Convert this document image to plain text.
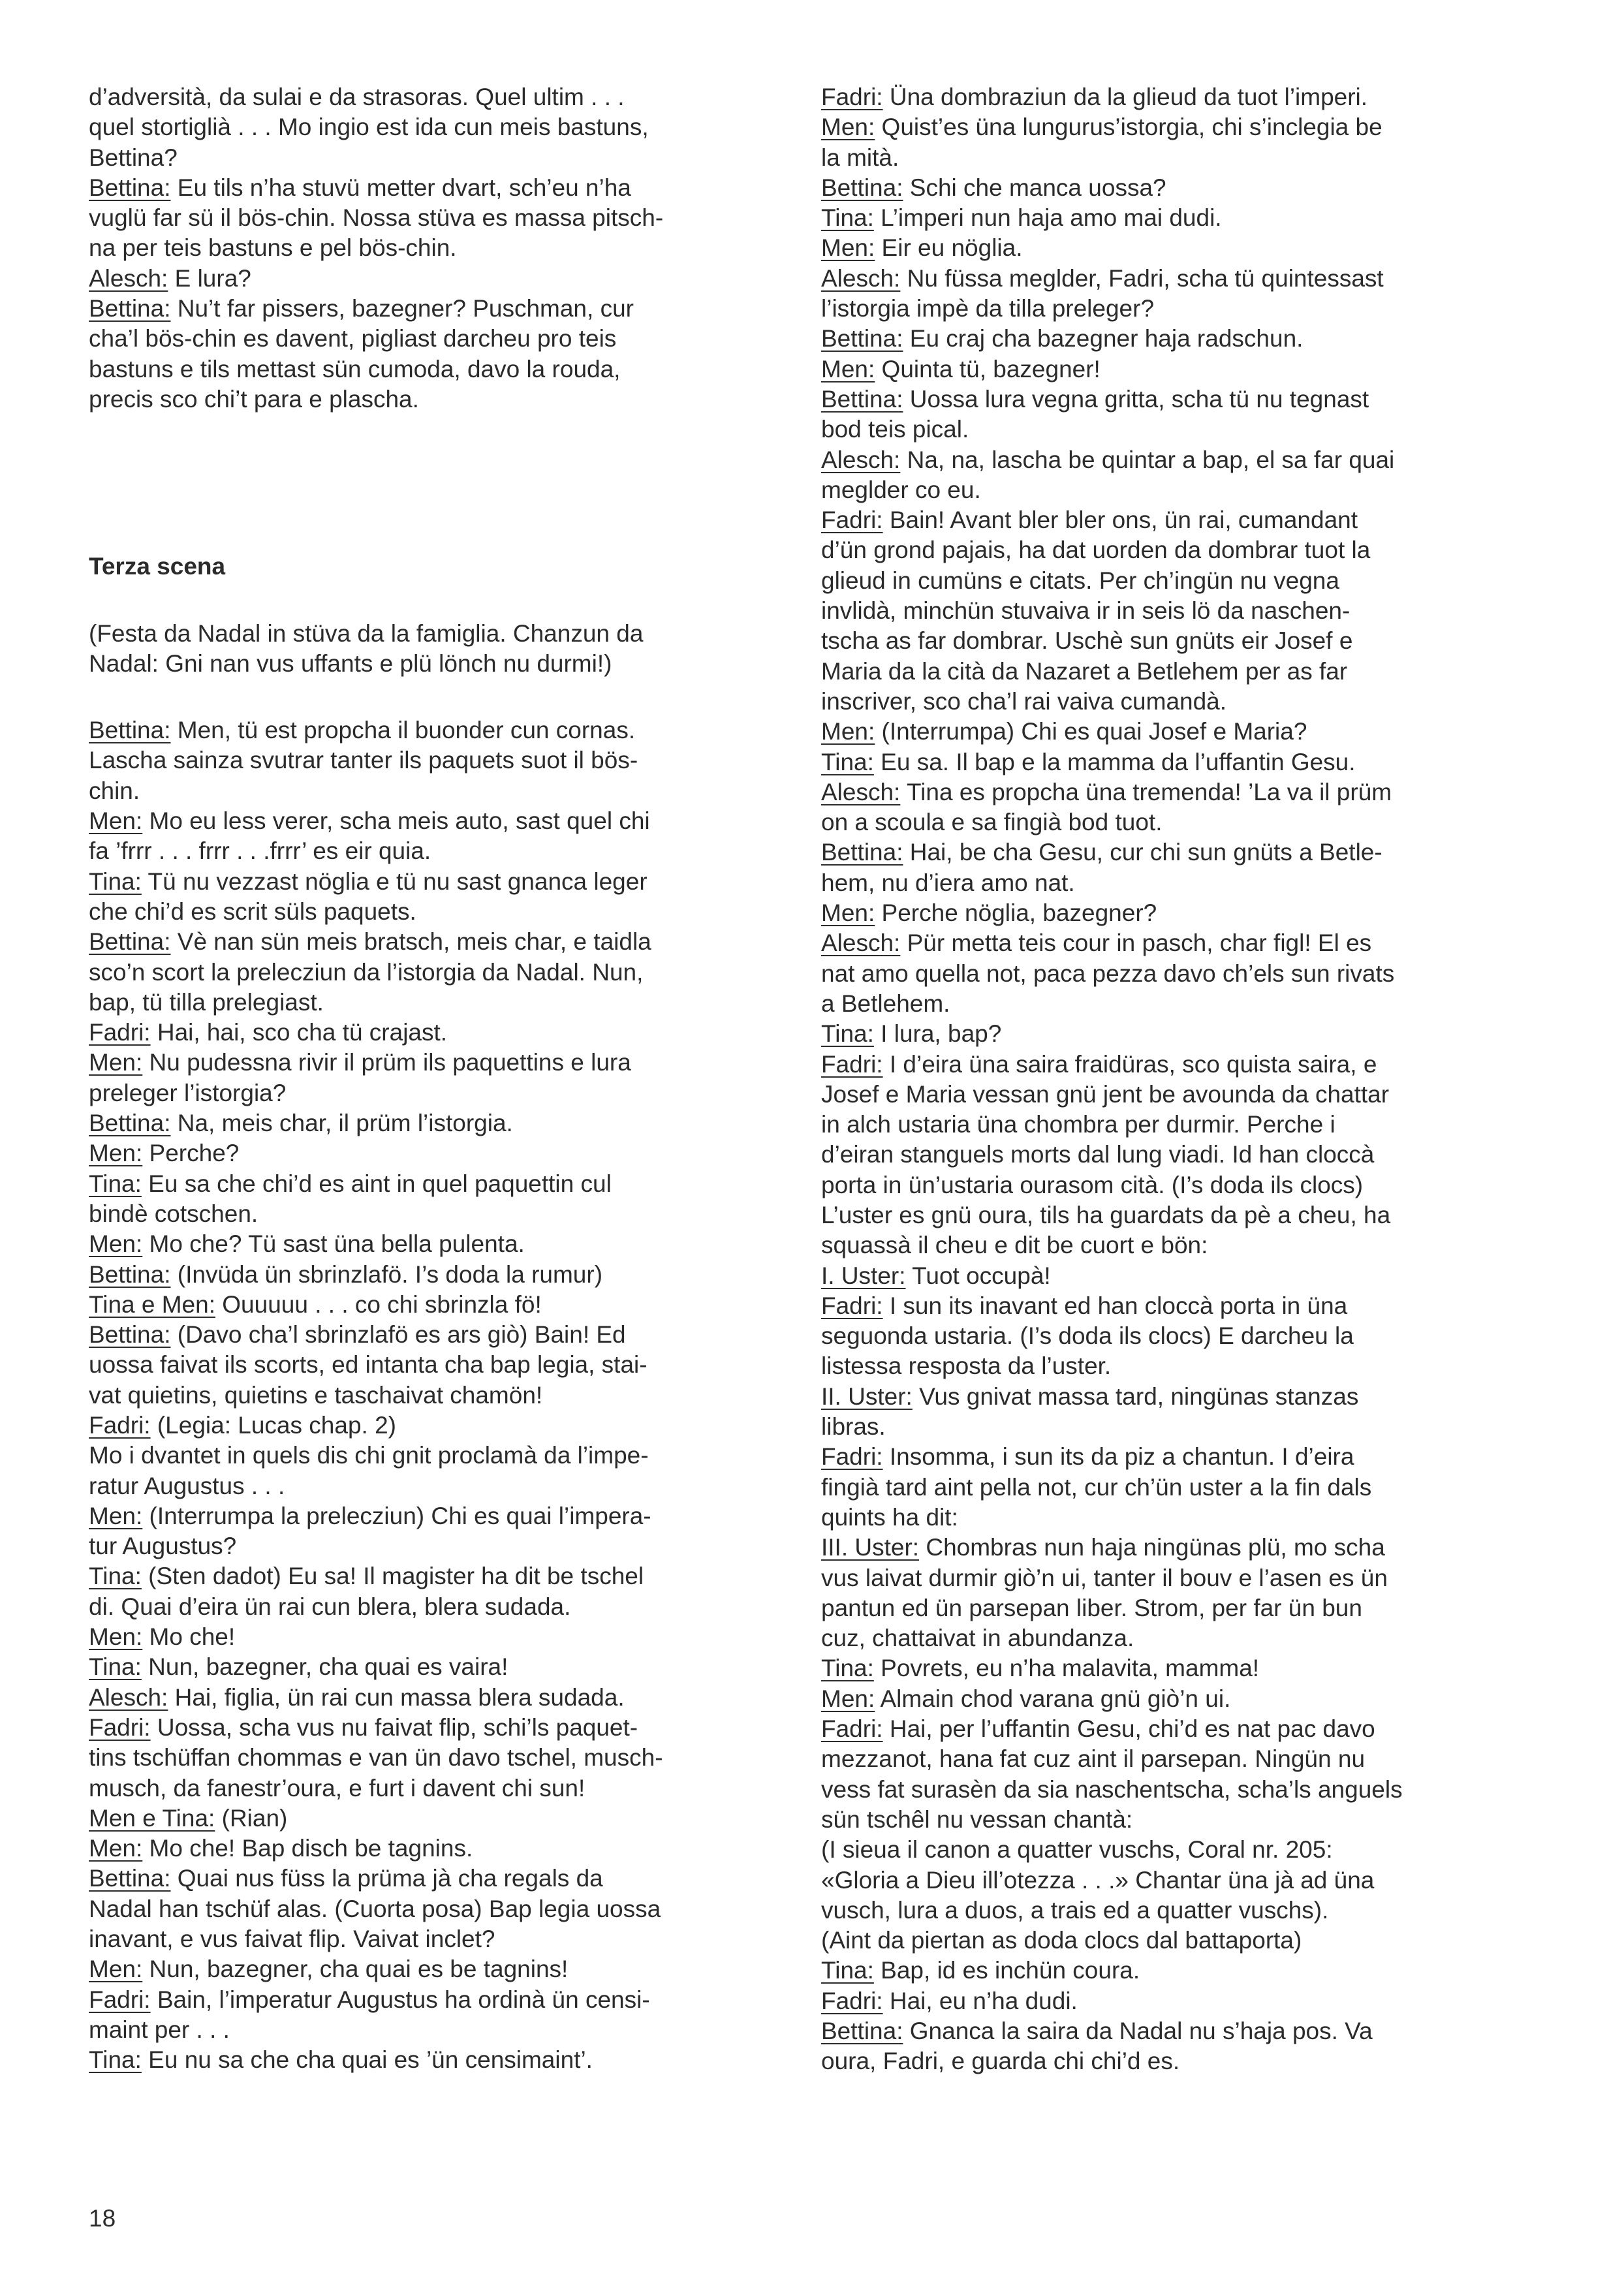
d’adversità, da sulai e da strasoras. Quel ultim . . .

quel stortiglià . . . Mo ingio est ida cun meis bastuns,

Bettina?

Bettina: Eu tils n’ha stuvü metter dvart, sch’eu n’ha

vuglü far sü il bös-chin. Nossa stüva es massa pitsch-

na per teis bastuns e pel bös-chin.

Alesch: E lura?

Bettina: Nu’t far pissers, bazegner? Puschman, cur

cha’l bös-chin es davent, pigliast darcheu pro teis

bastuns e tils mettast sün cumoda, davo la rouda,

precis sco chi’t para e plascha.

Terza scena

(Festa da Nadal in stüva da la famiglia. Chanzun da

Nadal: Gni nan vus uffants e plü lönch nu durmi!)

Bettina: Men, tü est propcha il buonder cun cornas.

Lascha sainza svutrar tanter ils paquets suot il bös-

chin.

Men: Mo eu less verer, scha meis auto, sast quel chi

fa ’frrr . . . frrr . . .frrr’ es eir quia.

Tina: Tü nu vezzast nöglia e tü nu sast gnanca leger

che chi’d es scrit süls paquets.

Bettina: Vè nan sün meis bratsch, meis char, e taidla

sco’n scort la prelecziun da l’istorgia da Nadal. Nun,

bap, tü tilla prelegiast.

Fadri: Hai, hai, sco cha tü crajast.

Men: Nu pudessna rivir il prüm ils paquettins e lura

preleger l’istorgia?

Bettina: Na, meis char, il prüm l’istorgia.

Men: Perche?

Tina: Eu sa che chi’d es aint in quel paquettin cul

bindè cotschen.

Men: Mo che? Tü sast üna bella pulenta.

Bettina: (Invüda ün sbrinzlafö. I’s doda la rumur)

Tina e Men: Ouuuuu . . . co chi sbrinzla fö!

Bettina: (Davo cha’l sbrinzlafö es ars giò) Bain! Ed

uossa faivat ils scorts, ed intanta cha bap legia, stai-

vat quietins, quietins e taschaivat chamön!

Fadri: (Legia: Lucas chap. 2)

Mo i dvantet in quels dis chi gnit proclamà da l’impe-

ratur Augustus . . .

Men: (Interrumpa la prelecziun) Chi es quai l’impera-

tur Augustus?

Tina: (Sten dadot) Eu sa! Il magister ha dit be tschel

di. Quai d’eira ün rai cun blera, blera sudada.

Men: Mo che!

Tina: Nun, bazegner, cha quai es vaira!

Alesch: Hai, figlia, ün rai cun massa blera sudada.

Fadri: Uossa, scha vus nu faivat flip, schi’ls paquet-

tins tschüffan chommas e van ün davo tschel, musch-

musch, da fanestr’oura, e furt i davent chi sun!

Men e Tina: (Rian)

Men: Mo che! Bap disch be tagnins.

Bettina: Quai nus füss la prüma jà cha regals da

Nadal han tschüf alas. (Cuorta posa) Bap legia uossa

inavant, e vus faivat flip. Vaivat inclet?

Men: Nun, bazegner, cha quai es be tagnins!

Fadri: Bain, l’imperatur Augustus ha ordinà ün censi-

maint per . . .

Tina: Eu nu sa che cha quai es ’ün censimaint’.

Fadri: Üna dombraziun da la glieud da tuot l’imperi.

Men: Quist’es üna lungurus’istorgia, chi s’inclegia be

la mità.

Bettina: Schi che manca uossa?

Tina: L’imperi nun haja amo mai dudi.

Men: Eir eu nöglia.

Alesch: Nu füssa meglder, Fadri, scha tü quintessast

l’istorgia impè da tilla preleger?

Bettina: Eu craj cha bazegner haja radschun.

Men: Quinta tü, bazegner!

Bettina: Uossa lura vegna gritta, scha tü nu tegnast

bod teis pical.

Alesch: Na, na, lascha be quintar a bap, el sa far quai

meglder co eu.

Fadri: Bain! Avant bler bler ons, ün rai, cumandant

d’ün grond pajais, ha dat uorden da dombrar tuot la

glieud in cumüns e citats. Per ch’ingün nu vegna

invlidà, minchün stuvaiva ir in seis lö da naschen-

tscha as far dombrar. Uschè sun gnüts eir Josef e

Maria da la cità da Nazaret a Betlehem per as far

inscriver, sco cha’l rai vaiva cumandà.

Men: (Interrumpa) Chi es quai Josef e Maria?

Tina: Eu sa. Il bap e la mamma da l’uffantin Gesu.

Alesch: Tina es propcha üna tremenda! ’La va il prüm

on a scoula e sa fingià bod tuot.

Bettina: Hai, be cha Gesu, cur chi sun gnüts a Betle-

hem, nu d’iera amo nat.

Men: Perche nöglia, bazegner?

Alesch: Pür metta teis cour in pasch, char figl! El es

nat amo quella not, paca pezza davo ch’els sun rivats

a Betlehem.

Tina: I lura, bap?

Fadri: I d’eira üna saira fraidüras, sco quista saira, e

Josef e Maria vessan gnü jent be avounda da chattar

in alch ustaria üna chombra per durmir. Perche i

d’eiran stanguels morts dal lung viadi. Id han cloccà

porta in ün’ustaria ourasom cità. (I’s doda ils clocs)

L’uster es gnü oura, tils ha guardats da pè a cheu, ha

squassà il cheu e dit be cuort e bön:

I. Uster: Tuot occupà!

Fadri: I sun its inavant ed han cloccà porta in üna

seguonda ustaria. (I’s doda ils clocs) E darcheu la

listessa resposta da l’uster.

II. Uster: Vus gnivat massa tard, ningünas stanzas

libras.

Fadri: Insomma, i sun its da piz a chantun. I d’eira

fingià tard aint pella not, cur ch’ün uster a la fin dals

quints ha dit:

III. Uster: Chombras nun haja ningünas plü, mo scha

vus laivat durmir giò’n ui, tanter il bouv e l’asen es ün

pantun ed ün parsepan liber. Strom, per far ün bun

cuz, chattaivat in abundanza.

Tina: Povrets, eu n’ha malavita, mamma!

Men: Almain chod varana gnü giò’n ui.

Fadri: Hai, per l’uffantin Gesu, chi’d es nat pac davo

mezzanot, hana fat cuz aint il parsepan. Ningün nu

vess fat surasèn da sia naschentscha, scha’ls anguels

sün tschêl nu vessan chantà:

(I sieua il canon a quatter vuschs, Coral nr. 205:

«Gloria a Dieu ill’otezza . . .» Chantar üna jà ad üna

vusch, lura a duos, a trais ed a quatter vuschs).

(Aint da piertan as doda clocs dal battaporta)

Tina: Bap, id es inchün coura.

Fadri: Hai, eu n’ha dudi.

Bettina: Gnanca la saira da Nadal nu s’haja pos. Va

oura, Fadri, e guarda chi chi’d es.

18
